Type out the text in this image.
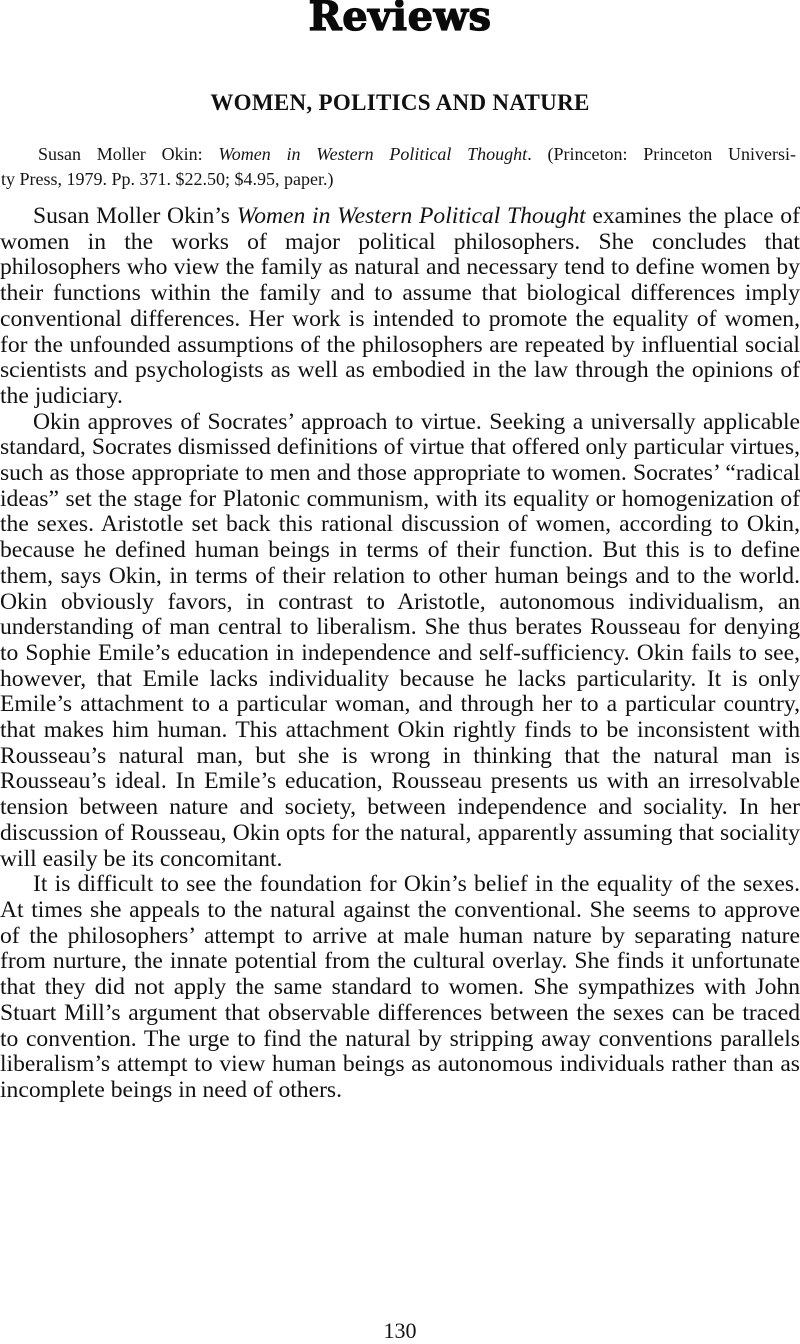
Reviews
WOMEN, POLITICS AND NATURE
Susan Moller Okin: Women in Western Political Thought. (Princeton: Princeton Universi-
ty Press, 1979. Pp. 371. $22.50; $4.95, paper.)

Susan Moller Okin’s Women in Western Political Thought examines the place of women in the works of major political philosophers. She concludes that philosophers who view the family as natural and necessary tend to define women by their functions within the family and to assume that biological differences imply conventional differences. Her work is intended to promote the equality of women, for the unfounded assumptions of the philosophers are repeated by influential social scientists and psychologists as well as embodied in the law through the opinions of the judiciary.

Okin approves of Socrates’ approach to virtue. Seeking a universally applicable standard, Socrates dismissed definitions of virtue that offered only particular virtues, such as those appropriate to men and those appropriate to women. Socrates’ “radical ideas” set the stage for Platonic communism, with its equality or homogenization of the sexes. Aristotle set back this rational discussion of women, according to Okin, because he defined human beings in terms of their function. But this is to define them, says Okin, in terms of their relation to other human beings and to the world. Okin obviously favors, in contrast to Aristotle, autonomous individualism, an understanding of man central to liberalism. She thus berates Rousseau for denying to Sophie Emile’s education in independence and self-sufficiency. Okin fails to see, however, that Emile lacks individuality because he lacks particularity. It is only Emile’s attachment to a particular woman, and through her to a particular country, that makes him human. This attachment Okin rightly finds to be inconsistent with Rousseau’s natural man, but she is wrong in thinking that the natural man is Rousseau’s ideal. In Emile’s education, Rousseau presents us with an irresolvable tension between nature and society, between independence and sociality. In her discussion of Rousseau, Okin opts for the natural, apparently assuming that sociality will easily be its concomitant.

It is difficult to see the foundation for Okin’s belief in the equality of the sexes. At times she appeals to the natural against the conventional. She seems to approve of the philosophers’ attempt to arrive at male human nature by separating nature from nurture, the innate potential from the cultural overlay. She finds it unfortunate that they did not apply the same standard to women. She sympathizes with John Stuart Mill’s argument that observable differences between the sexes can be traced to convention. The urge to find the natural by stripping away conventions parallels liberalism’s attempt to view human beings as autonomous individuals rather than as incomplete beings in need of others.

130
